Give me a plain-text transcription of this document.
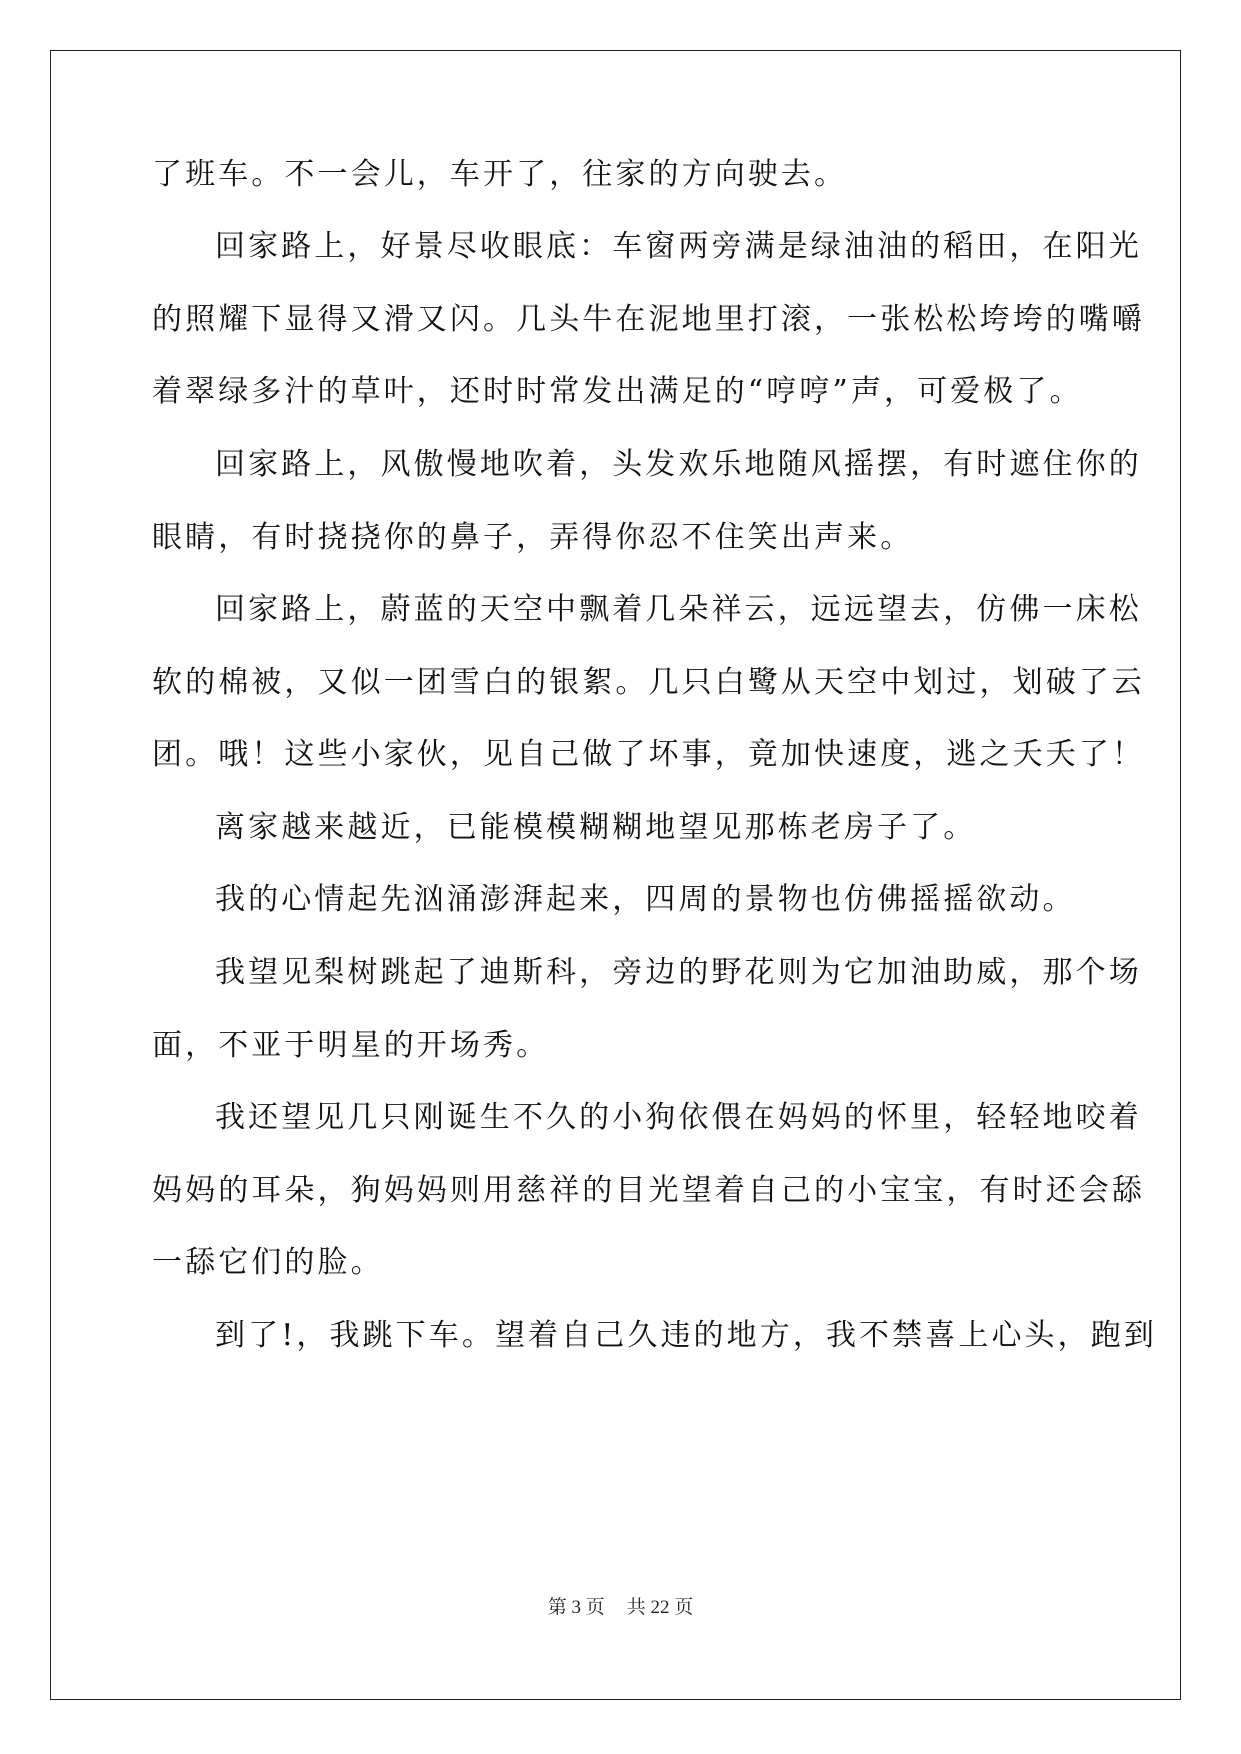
了班车。不一会儿，车开了，往家的方向驶去。
回家路上，好景尽收眼底：车窗两旁满是绿油油的稻田，在阳光
的照耀下显得又滑又闪。几头牛在泥地里打滚，一张松松垮垮的嘴嚼
着翠绿多汁的草叶，还时时常发出满足的“哼哼”声，可爱极了。
回家路上，风傲慢地吹着，头发欢乐地随风摇摆，有时遮住你的
眼睛，有时挠挠你的鼻子，弄得你忍不住笑出声来。
回家路上，蔚蓝的天空中飘着几朵祥云，远远望去，仿佛一床松
软的棉被，又似一团雪白的银絮。几只白鹭从天空中划过，划破了云
团。哦！这些小家伙，见自己做了坏事，竟加快速度，逃之夭夭了！
离家越来越近，已能模模糊糊地望见那栋老房子了。
我的心情起先汹涌澎湃起来，四周的景物也仿佛摇摇欲动。
我望见梨树跳起了迪斯科，旁边的野花则为它加油助威，那个场
面，不亚于明星的开场秀。
我还望见几只刚诞生不久的小狗依偎在妈妈的怀里，轻轻地咬着
妈妈的耳朵，狗妈妈则用慈祥的目光望着自己的小宝宝，有时还会舔
一舔它们的脸。
到了!，我跳下车。望着自己久违的地方，我不禁喜上心头，跑到
第 3 页 共 22 页
